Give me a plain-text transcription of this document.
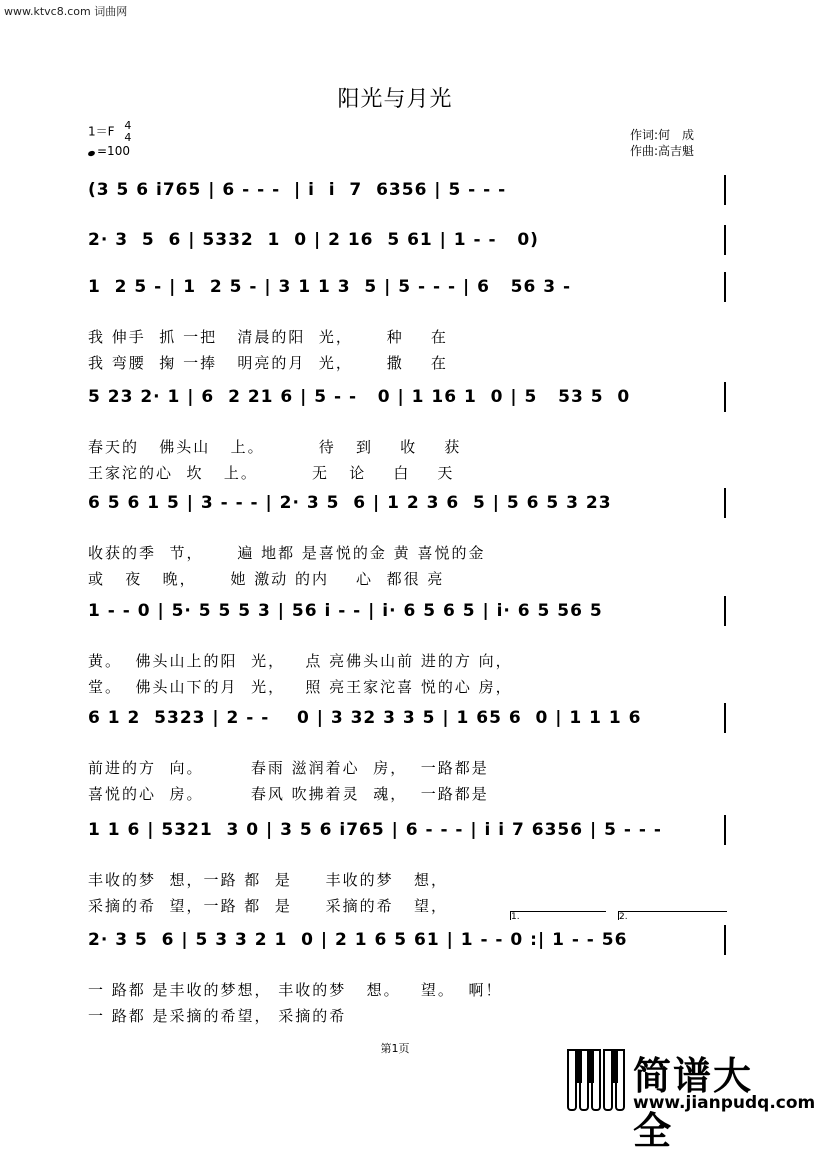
www.ktvc8.com 词曲网
阳光与月光
1＝F 4
4
=100
作词:何　成
作曲:高吉魁
(3 5 6 i765 | 6 - - -  | i  i  7  6356 | 5 - - -
2· 3  5  6 | 5332  1  0 | 2 16  5 61 | 1 - -   0)
1  2 5 - | 1  2 5 - | 3 1 1 3  5 | 5 - - - | 6   56 3 -
我 伸手  抓 一把   清晨的阳  光，     种    在
我 弯腰  掬 一捧   明亮的月  光，     撒    在
5 23 2· 1 | 6  2 21 6 | 5 - -   0 | 1 16 1  0 | 5   53 5  0
春天的   佛头山   上。        待   到    收    获
王家沱的心  坎   上。        无   论    白    天
6 5 6 1 5 | 3 - - - | 2· 3 5  6 | 1 2 3 6  5 | 5 6 5 3 23
收获的季  节，     遍 地都 是喜悦的金 黄 喜悦的金
或   夜   晚，     她 激动 的内    心  都很 亮
1 - - 0 | 5· 5 5 5 3 | 56 i - - | i· 6 5 6 5 | i· 6 5 56 5
黄。  佛头山上的阳  光，   点 亮佛头山前 进的方 向，
堂。  佛头山下的月  光，   照 亮王家沱喜 悦的心 房，
6 1 2  5323 | 2 - -    0 | 3 32 3 3 5 | 1 65 6  0 | 1 1 1 6
前进的方  向。       春雨 滋润着心  房，  一路都是
喜悦的心  房。       春风 吹拂着灵  魂，  一路都是
1 1 6 | 5321  3 0 | 3 5 6 i765 | 6 - - - | i i 7 6356 | 5 - - -
丰收的梦  想，一路 都  是     丰收的梦   想，
采摘的希  望，一路 都  是     采摘的希   望，
2· 3 5  6 | 5 3 3 2 1  0 | 2 1 6 5 61 | 1 - - 0 :| 1 - - 56
一 路都 是丰收的梦想， 丰收的梦   想。   望。  啊！
一 路都 是采摘的希望， 采摘的希
1.	2.
第1页
简谱大全
www.jianpudq.com
